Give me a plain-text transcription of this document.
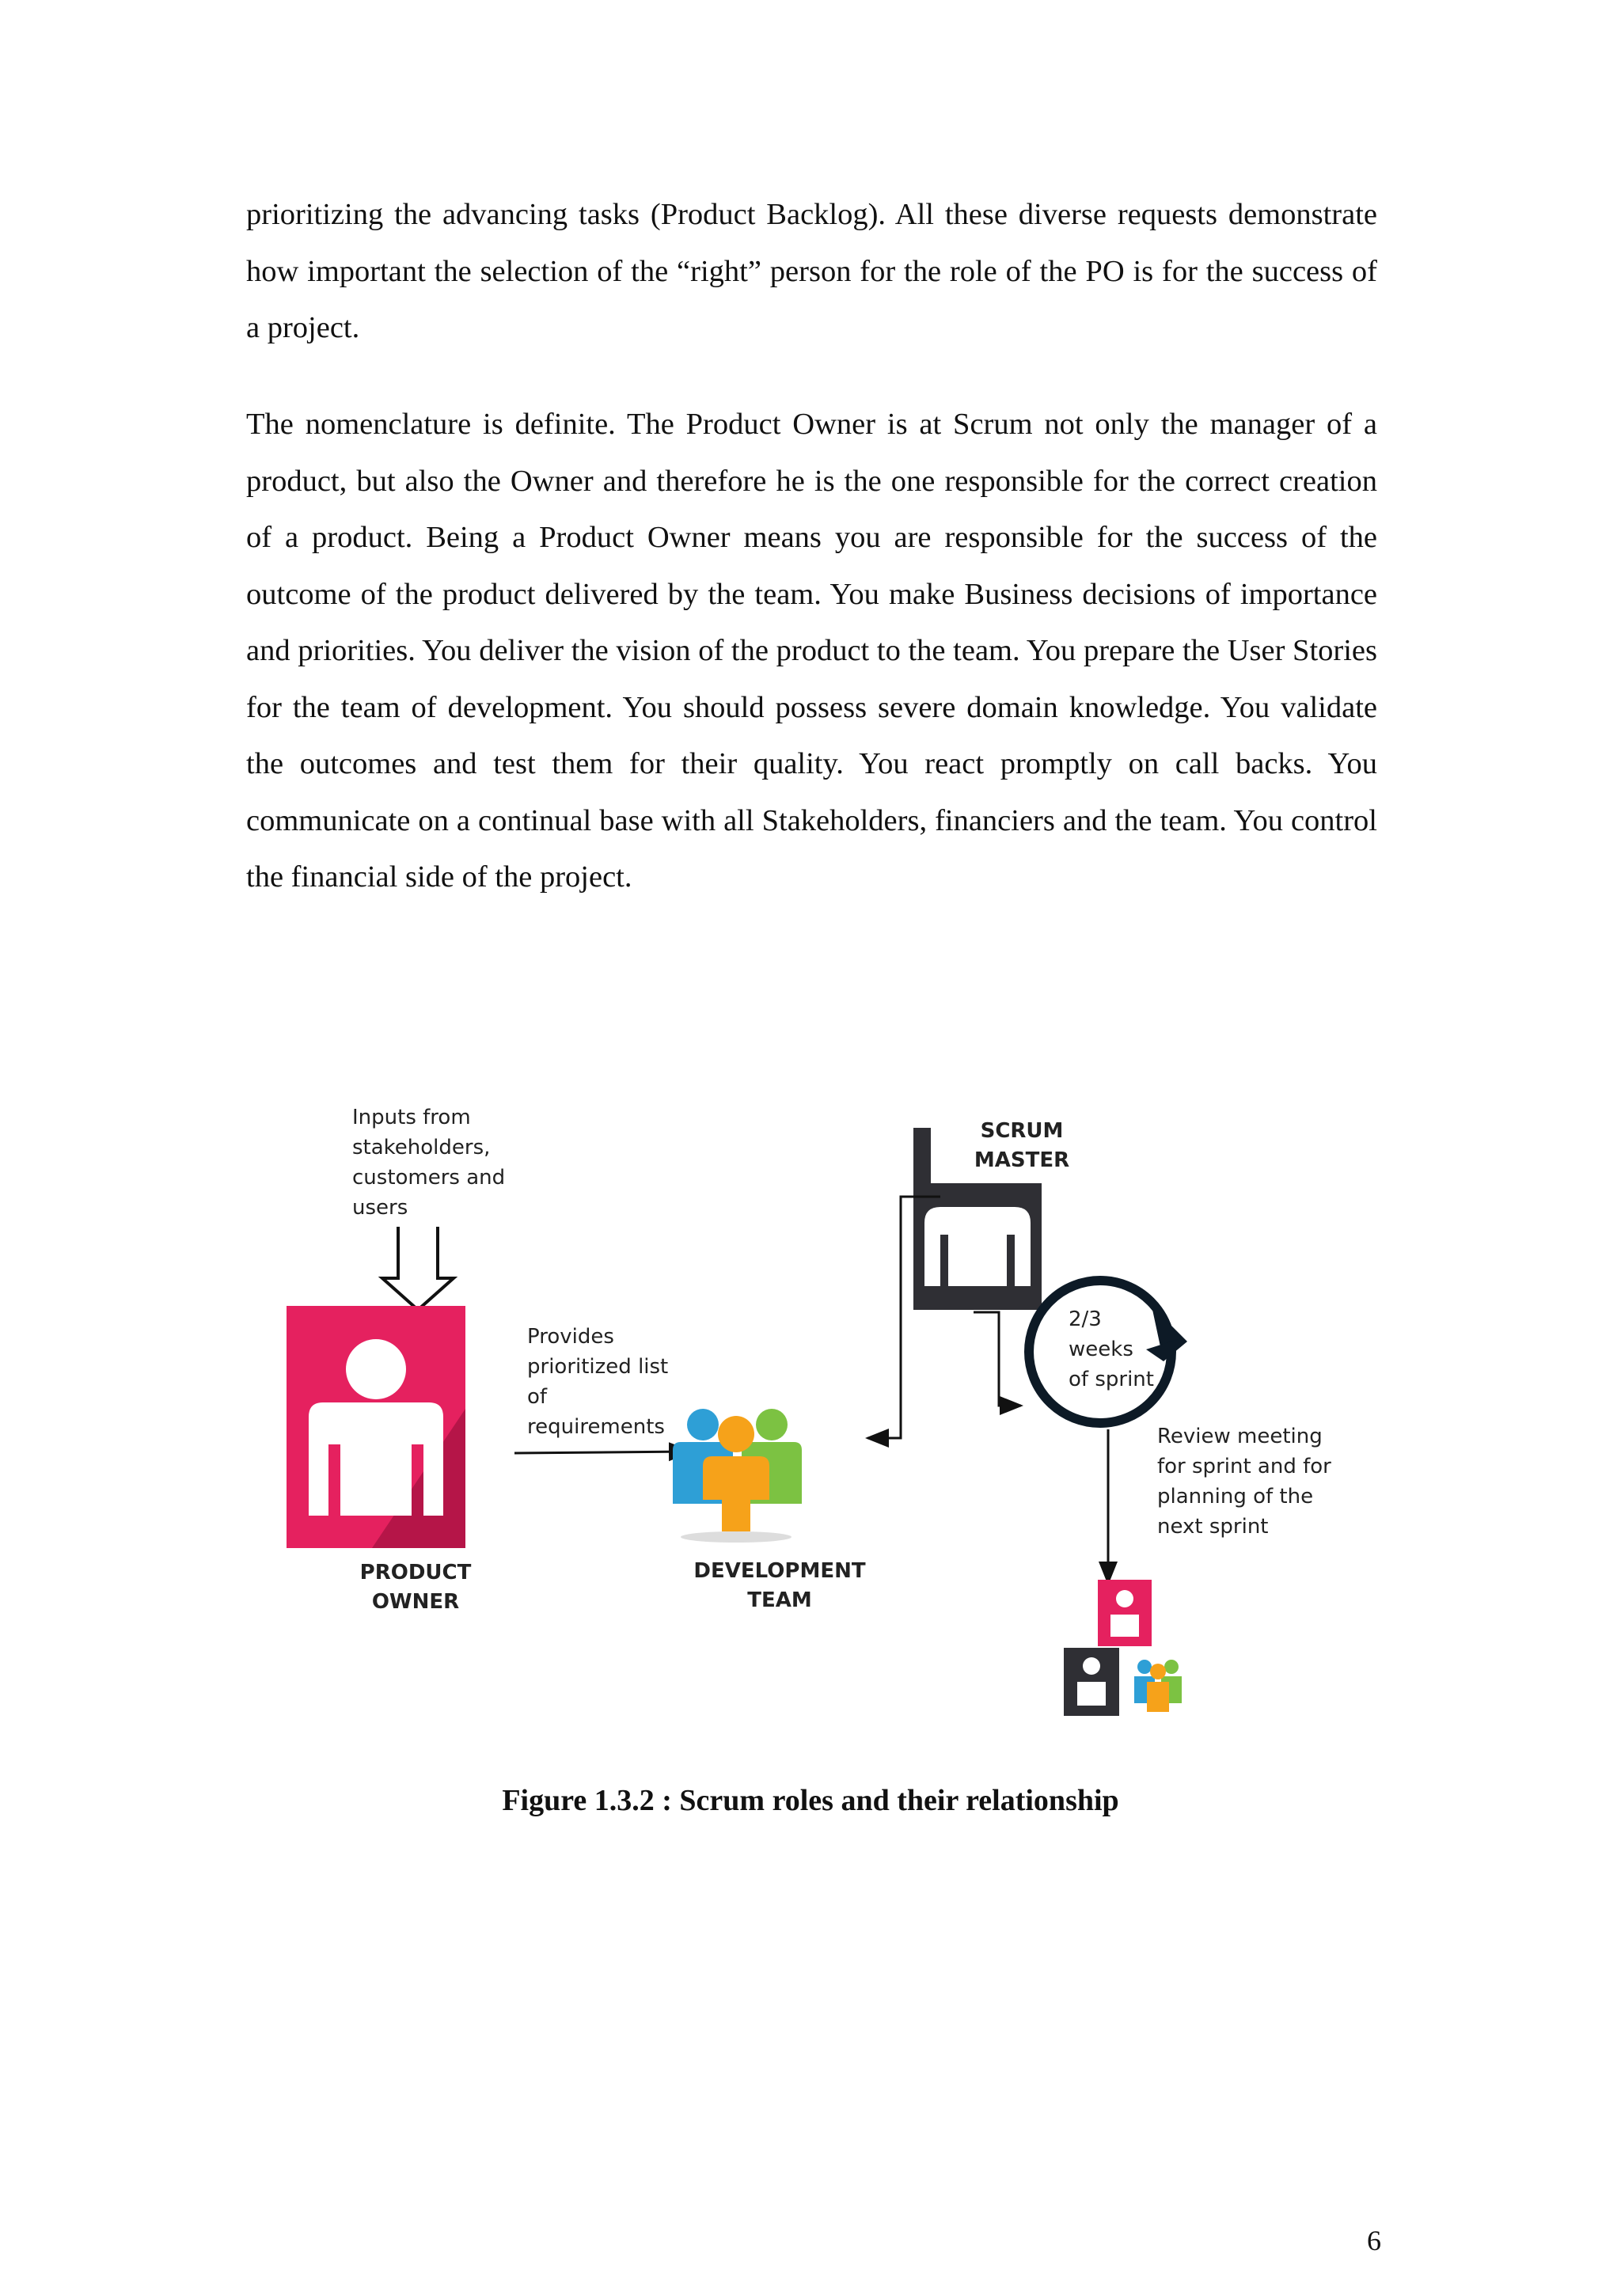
prioritizing the advancing tasks (Product Backlog). All these diverse requests demonstrate how important the selection of the “right” person for the role of the PO is for the success of a project.

The nomenclature is definite. The Product Owner is at Scrum not only the manager of a product, but also the Owner and therefore he is the one responsible for the correct creation of a product. Being a Product Owner means you are responsible for the success of the outcome of the product delivered by the team. You make Business decisions of importance and priorities. You deliver the vision of the product to the team. You prepare the User Stories for the team of development. You should possess severe domain knowledge. You validate the outcomes and test them for their quality. You react promptly on call backs. You communicate on a continual base with all Stakeholders, financiers and the team. You control the financial side of the project.

Inputs from
stakeholders,
customers and
users
PRODUCT
OWNER
Provides
prioritized list
of
requirements
DEVELOPMENT
TEAM
SCRUM
MASTER
2/3
weeks
of sprint
Review meeting
for sprint and for
planning of the
next sprint
Figure 1.3.2 : Scrum roles and their relationship
6
